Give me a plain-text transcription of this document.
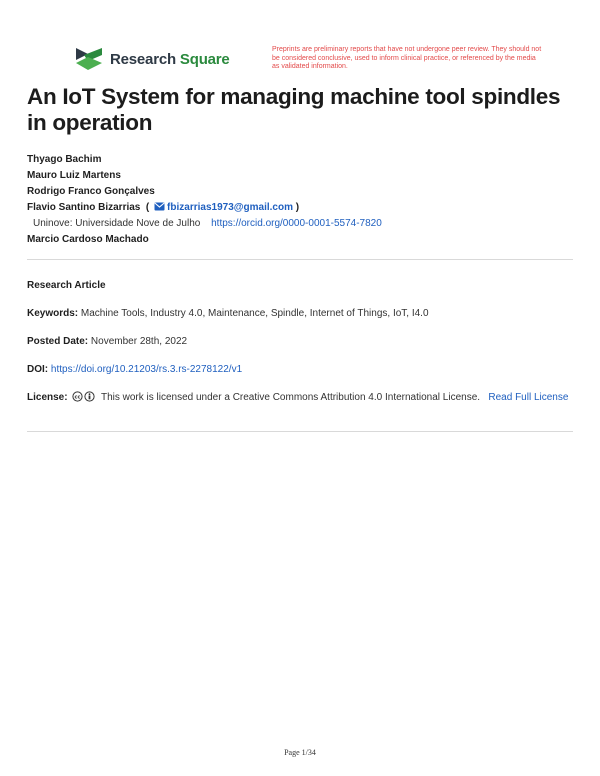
Research Square
Preprints are preliminary reports that have not undergone peer review. They should not be considered conclusive, used to inform clinical practice, or referenced by the media as validated information.
An IoT System for managing machine tool spindles in operation
Thyago Bachim
Mauro Luiz Martens
Rodrigo Franco Gonçalves
Flavio Santino Bizarrias  ( fbizarrias1973@gmail.com )
Uninove: Universidade Nove de Julho https://orcid.org/0000-0001-5574-7820
Marcio Cardoso Machado
Research Article
Keywords: Machine Tools, Industry 4.0, Maintenance, Spindle, Internet of Things, IoT, I4.0
Posted Date: November 28th, 2022
DOI: https://doi.org/10.21203/rs.3.rs-2278122/v1
License: cc This work is licensed under a Creative Commons Attribution 4.0 International License. Read Full License
Page 1/34
